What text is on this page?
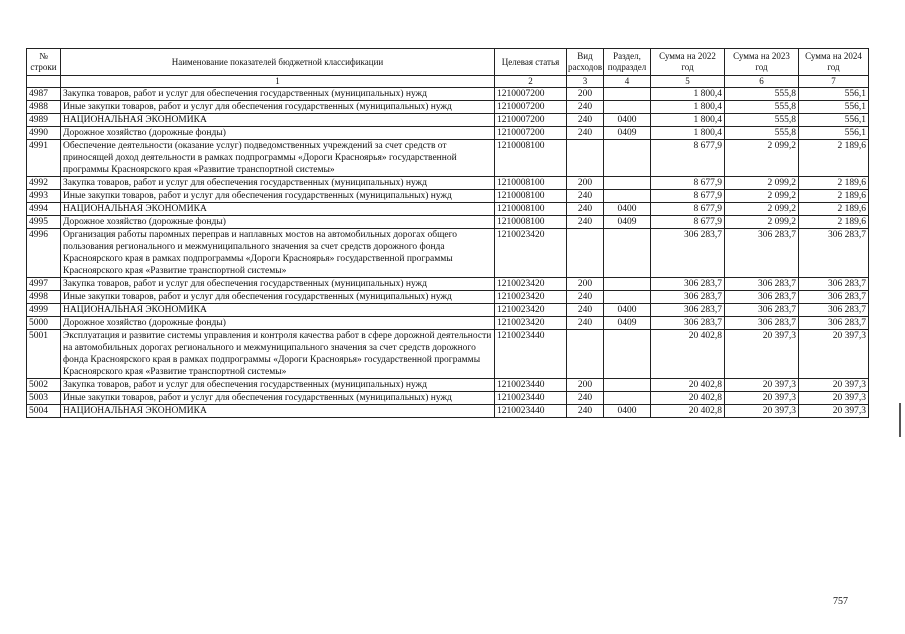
№ строки	Наименование показателей бюджетной классификации	Целевая статья	Вид расходов	Раздел, подраздел	Сумма на 2022 год	Сумма на 2023 год	Сумма на 2024 год
	1	2	3	4	5	6	7
4987	Закупка товаров, работ и услуг для обеспечения государственных (муниципальных) нужд	1210007200	200		1 800,4	555,8	556,1
4988	Иные закупки товаров, работ и услуг для обеспечения государственных (муниципальных) нужд	1210007200	240		1 800,4	555,8	556,1
4989	НАЦИОНАЛЬНАЯ ЭКОНОМИКА	1210007200	240	0400	1 800,4	555,8	556,1
4990	Дорожное хозяйство (дорожные фонды)	1210007200	240	0409	1 800,4	555,8	556,1
4991	Обеспечение деятельности (оказание услуг) подведомственных учреждений за счет средств от приносящей доход деятельности в рамках подпрограммы «Дороги Красноярья» государственной программы Красноярского края «Развитие транспортной системы»	1210008100			8 677,9	2 099,2	2 189,6
4992	Закупка товаров, работ и услуг для обеспечения государственных (муниципальных) нужд	1210008100	200		8 677,9	2 099,2	2 189,6
4993	Иные закупки товаров, работ и услуг для обеспечения государственных (муниципальных) нужд	1210008100	240		8 677,9	2 099,2	2 189,6
4994	НАЦИОНАЛЬНАЯ ЭКОНОМИКА	1210008100	240	0400	8 677,9	2 099,2	2 189,6
4995	Дорожное хозяйство (дорожные фонды)	1210008100	240	0409	8 677,9	2 099,2	2 189,6
4996	Организация работы паромных переправ и наплавных мостов на автомобильных дорогах общего пользования регионального и межмуниципального значения за счет средств дорожного фонда Красноярского края в рамках подпрограммы «Дороги Красноярья» государственной программы Красноярского края «Развитие транспортной системы»	1210023420			306 283,7	306 283,7	306 283,7
4997	Закупка товаров, работ и услуг для обеспечения государственных (муниципальных) нужд	1210023420	200		306 283,7	306 283,7	306 283,7
4998	Иные закупки товаров, работ и услуг для обеспечения государственных (муниципальных) нужд	1210023420	240		306 283,7	306 283,7	306 283,7
4999	НАЦИОНАЛЬНАЯ ЭКОНОМИКА	1210023420	240	0400	306 283,7	306 283,7	306 283,7
5000	Дорожное хозяйство (дорожные фонды)	1210023420	240	0409	306 283,7	306 283,7	306 283,7
5001	Эксплуатация и развитие системы управления и контроля качества работ в сфере дорожной деятельности на автомобильных дорогах регионального и межмуниципального значения за счет средств дорожного фонда Красноярского края в рамках подпрограммы «Дороги Красноярья» государственной программы Красноярского края «Развитие транспортной системы»	1210023440			20 402,8	20 397,3	20 397,3
5002	Закупка товаров, работ и услуг для обеспечения государственных (муниципальных) нужд	1210023440	200		20 402,8	20 397,3	20 397,3
5003	Иные закупки товаров, работ и услуг для обеспечения государственных (муниципальных) нужд	1210023440	240		20 402,8	20 397,3	20 397,3
5004	НАЦИОНАЛЬНАЯ ЭКОНОМИКА	1210023440	240	0400	20 402,8	20 397,3	20 397,3
757
